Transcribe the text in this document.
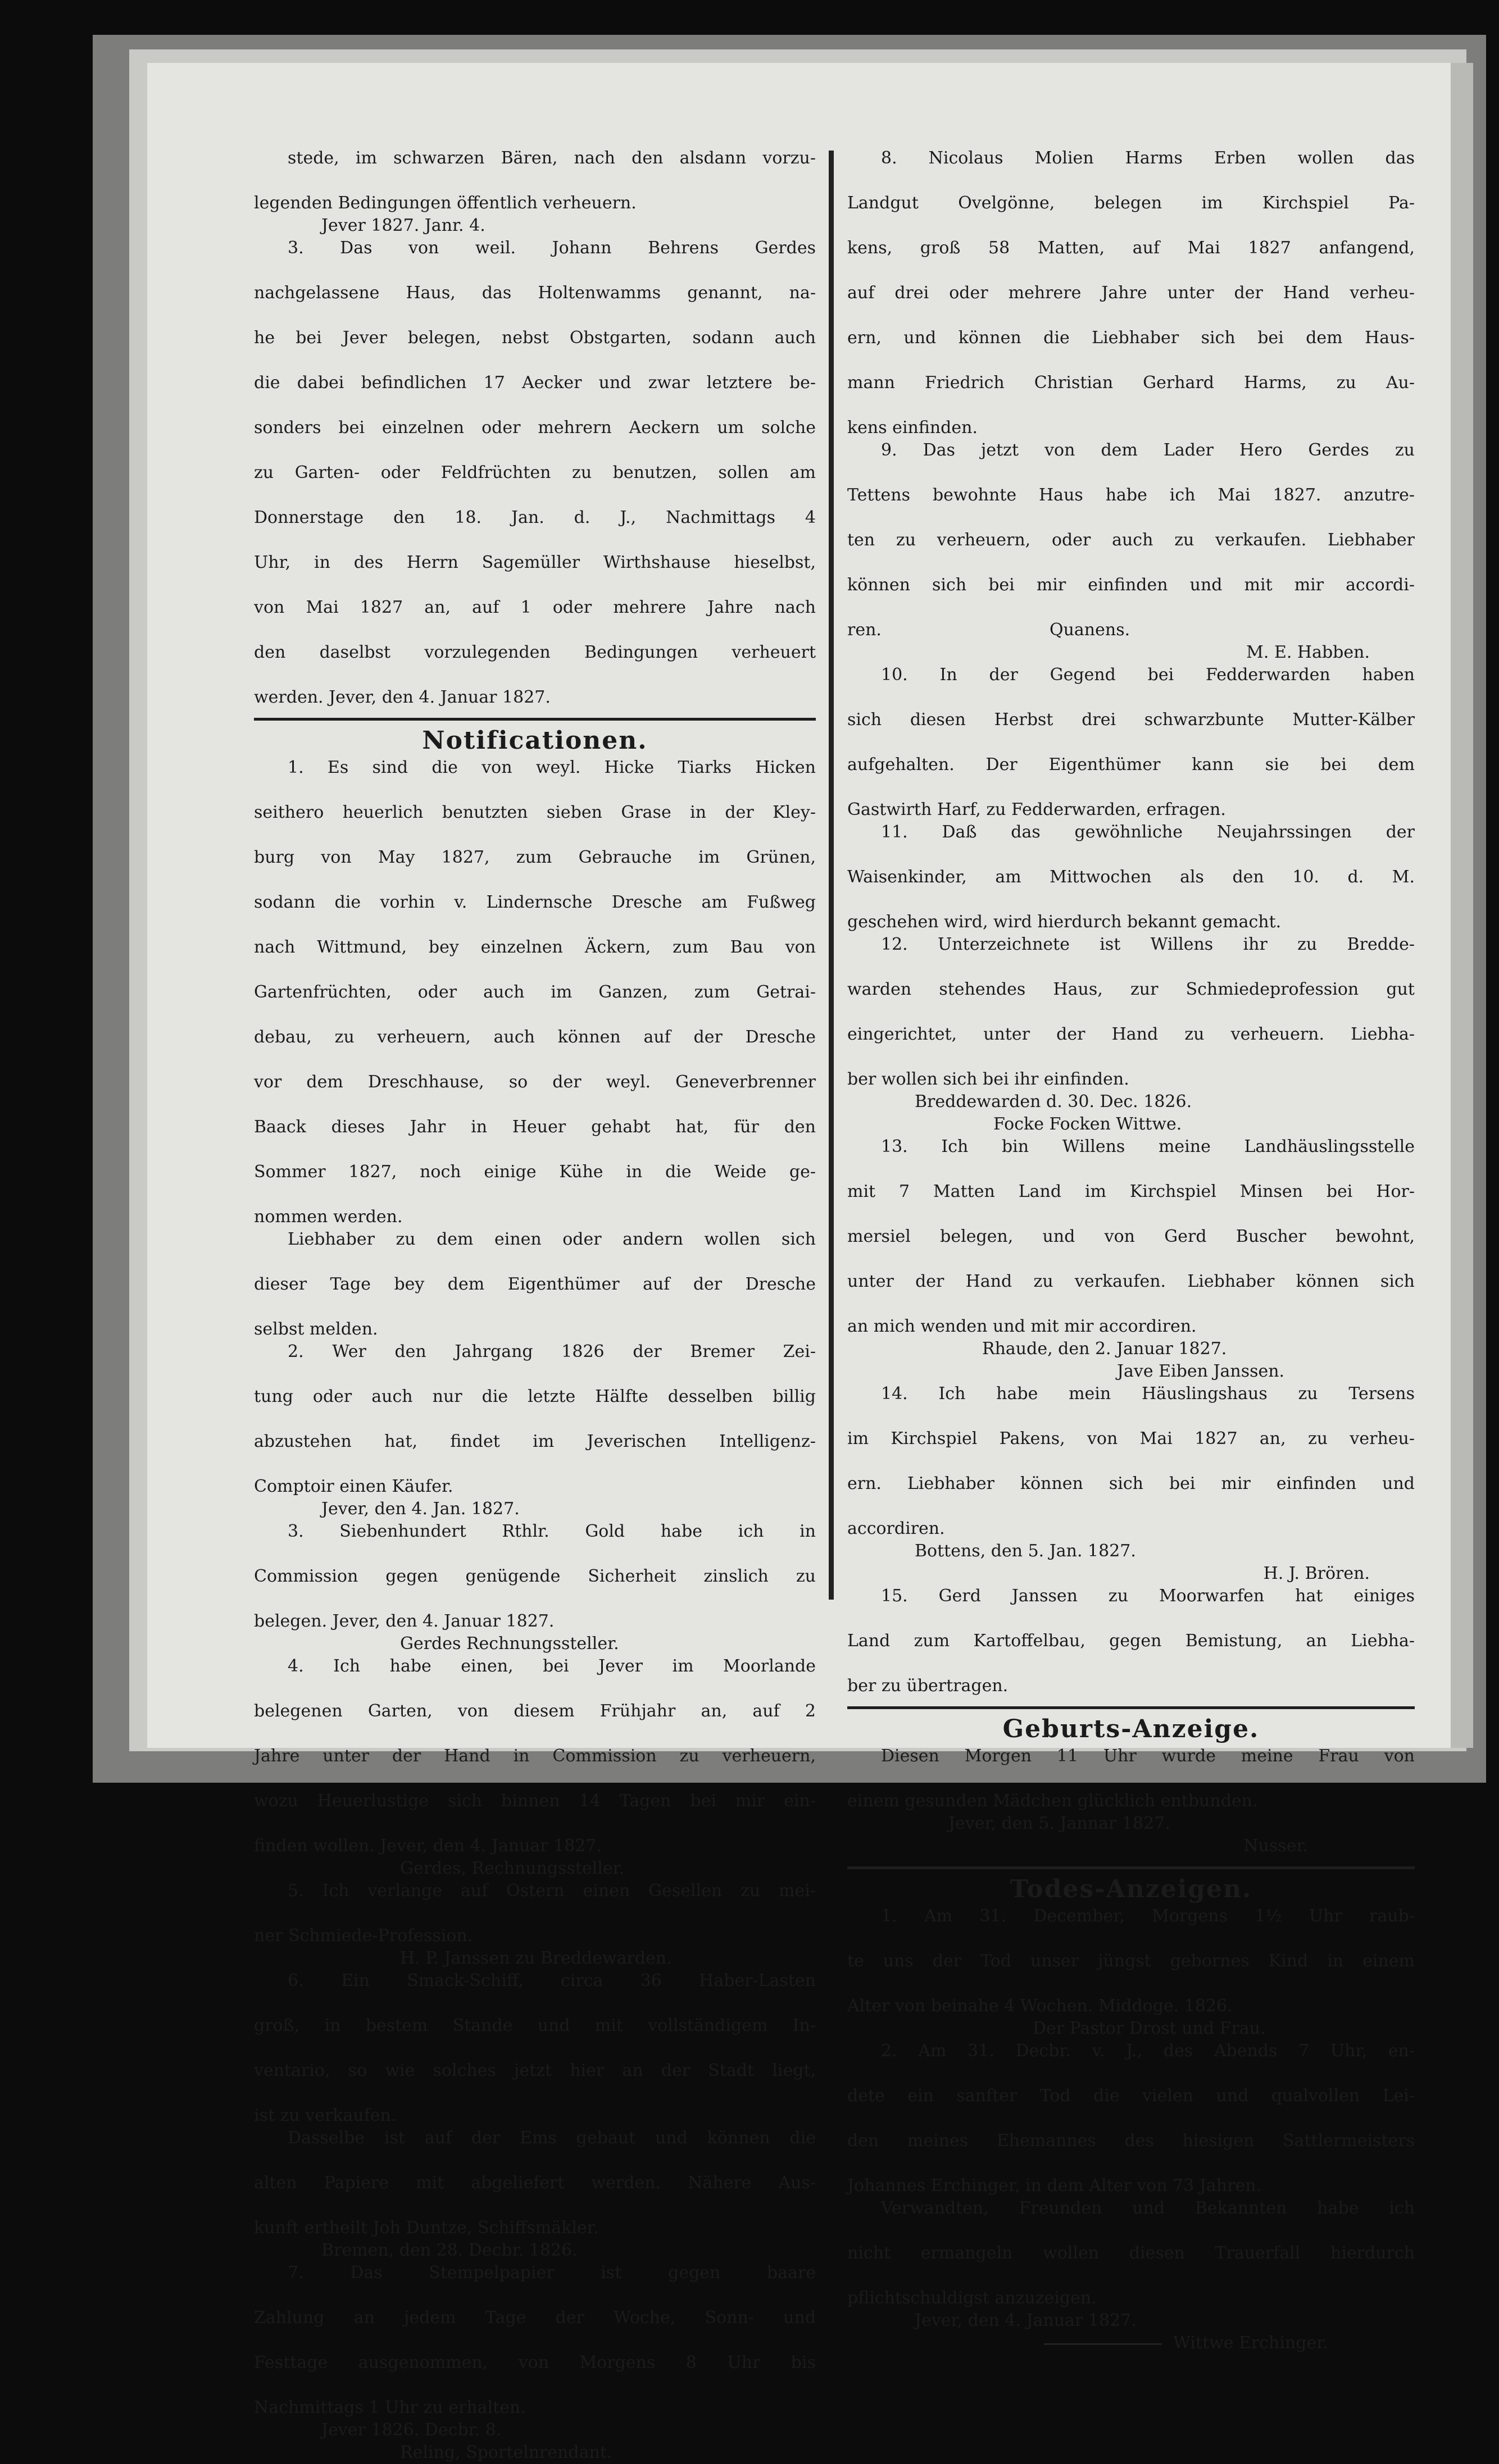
stede, im schwarzen Bären, nach den alsdann vorzu-
legenden Bedingungen öffentlich verheuern.
Jever 1827. Janr. 4.
3. Das von weil. Johann Behrens Gerdes
nachgelassene Haus, das Holtenwamms genannt, na-
he bei Jever belegen, nebst Obstgarten, sodann auch
die dabei befindlichen 17 Aecker und zwar letztere be-
sonders bei einzelnen oder mehrern Aeckern um solche
zu Garten- oder Feldfrüchten zu benutzen, sollen am
Donnerstage den 18. Jan. d. J., Nachmittags 4
Uhr, in des Herrn Sagemüller Wirthshause hieselbst,
von Mai 1827 an, auf 1 oder mehrere Jahre nach
den daselbst vorzulegenden Bedingungen verheuert
werden. Jever, den 4. Januar 1827.
Notificationen.
1. Es sind die von weyl. Hicke Tiarks Hicken
seithero heuerlich benutzten sieben Grase in der Kley-
burg von May 1827, zum Gebrauche im Grünen,
sodann die vorhin v. Lindernsche Dresche am Fußweg
nach Wittmund, bey einzelnen Äckern, zum Bau von
Gartenfrüchten, oder auch im Ganzen, zum Getrai-
debau, zu verheuern, auch können auf der Dresche
vor dem Dreschhause, so der weyl. Geneverbrenner
Baack dieses Jahr in Heuer gehabt hat, für den
Sommer 1827, noch einige Kühe in die Weide ge-
nommen werden.
Liebhaber zu dem einen oder andern wollen sich
dieser Tage bey dem Eigenthümer auf der Dresche
selbst melden.
2. Wer den Jahrgang 1826 der Bremer Zei-
tung oder auch nur die letzte Hälfte desselben billig
abzustehen hat, findet im Jeverischen Intelligenz-
Comptoir einen Käufer.
Jever, den 4. Jan. 1827.
3. Siebenhundert Rthlr. Gold habe ich in
Commission gegen genügende Sicherheit zinslich zu
belegen. Jever, den 4. Januar 1827.
Gerdes Rechnungssteller.
4. Ich habe einen, bei Jever im Moorlande
belegenen Garten, von diesem Frühjahr an, auf 2
Jahre unter der Hand in Commission zu verheuern,
wozu Heuerlustige sich binnen 14 Tagen bei mir ein-
finden wollen. Jever, den 4. Januar 1827.
Gerdes, Rechnungssteller.
5. Ich verlange auf Ostern einen Gesellen zu mei-
ner Schmiede-Profession.
H. P. Janssen zu Breddewarden.
6. Ein Smack-Schiff, circa 36 Haber-Lasten
groß, in bestem Stande und mit vollständigem In-
ventario, so wie solches jetzt hier an der Stadt liegt,
ist zu verkaufen.
Dasselbe ist auf der Ems gebaut und können die
alten Papiere mit abgeliefert werden. Nähere Aus-
kunft ertheilt Joh Duntze, Schiffsmäkler.
Bremen, den 28. Decbr. 1826.
7. Das Stempelpapier ist gegen baare
Zahlung an jedem Tage der Woche, Sonn- und
Festtage ausgenommen, von Morgens 8 Uhr bis
Nachmittags 1 Uhr zu erhalten.
Jever 1826. Decbr. 8.
Reling, Sportelnrendant.
8. Nicolaus Molien Harms Erben wollen das
Landgut Ovelgönne, belegen im Kirchspiel Pa-
kens, groß 58 Matten, auf Mai 1827 anfangend,
auf drei oder mehrere Jahre unter der Hand verheu-
ern, und können die Liebhaber sich bei dem Haus-
mann Friedrich Christian Gerhard Harms, zu Au-
kens einfinden.
9. Das jetzt von dem Lader Hero Gerdes zu
Tettens bewohnte Haus habe ich Mai 1827. anzutre-
ten zu verheuern, oder auch zu verkaufen. Liebhaber
können sich bei mir einfinden und mit mir accordi-
ren.	Quanens.
M. E. Habben.
10. In der Gegend bei Fedderwarden haben
sich diesen Herbst drei schwarzbunte Mutter-Kälber
aufgehalten. Der Eigenthümer kann sie bei dem
Gastwirth Harf, zu Fedderwarden, erfragen.
11. Daß das gewöhnliche Neujahrssingen der
Waisenkinder, am Mittwochen als den 10. d. M.
geschehen wird, wird hierdurch bekannt gemacht.
12. Unterzeichnete ist Willens ihr zu Bredde-
warden stehendes Haus, zur Schmiedeprofession gut
eingerichtet, unter der Hand zu verheuern. Liebha-
ber wollen sich bei ihr einfinden.
Breddewarden d. 30. Dec. 1826.
Focke Focken Wittwe.
13. Ich bin Willens meine Landhäuslingsstelle
mit 7 Matten Land im Kirchspiel Minsen bei Hor-
mersiel belegen, und von Gerd Buscher bewohnt,
unter der Hand zu verkaufen. Liebhaber können sich
an mich wenden und mit mir accordiren.
Rhaude, den 2. Januar 1827.
Jave Eiben Janssen.
14. Ich habe mein Häuslingshaus zu Tersens
im Kirchspiel Pakens, von Mai 1827 an, zu verheu-
ern. Liebhaber können sich bei mir einfinden und
accordiren.
Bottens, den 5. Jan. 1827.
H. J. Brören.
15. Gerd Janssen zu Moorwarfen hat einiges
Land zum Kartoffelbau, gegen Bemistung, an Liebha-
ber zu übertragen.
Geburts-Anzeige.
Diesen Morgen 11 Uhr wurde meine Frau von
einem gesunden Mädchen glücklich entbunden.
Jever, den 5. Jannar 1827.
Nusser.
Todes-Anzeigen.
1. Am 31. December, Morgens 1½ Uhr raub-
te uns der Tod unser jüngst gebornes Kind in einem
Alter von beinahe 4 Wochen. Middoge. 1826.
Der Pastor Drost und Frau.
2. Am 31. Decbr. v. J., des Abends 7 Uhr, en-
dete ein sanfter Tod die vielen und qualvollen Lei-
den meines Ehemannes des hiesigen Sattlermeisters
Johannes Erchinger, in dem Alter von 73 Jahren.
Verwandten, Freunden und Bekannten habe ich
nicht ermangeln wollen diesen Trauerfall hierdurch
pflichtschuldigst anzuzeigen.
Jever, den 4. Januar 1827.
Wittwe Erchinger.
